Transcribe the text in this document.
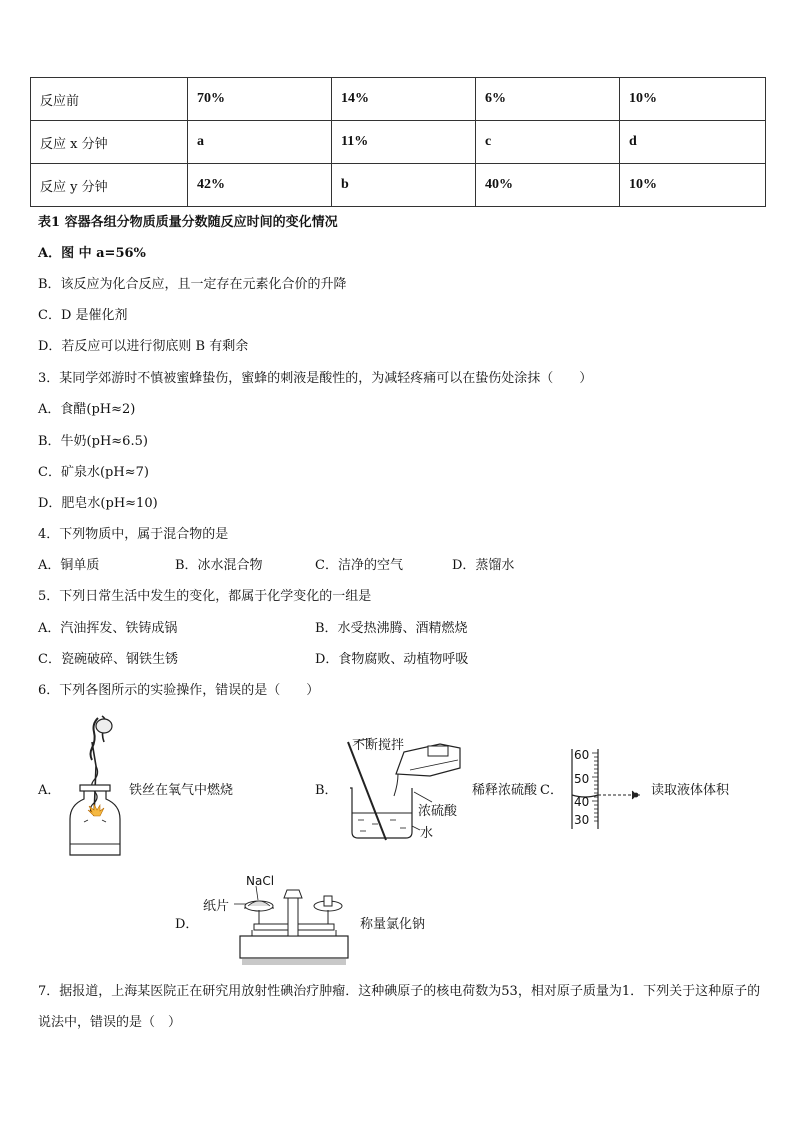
反应前	70%	14%	6%	10%
反应 x 分钟	a	11%	c	d
反应 y 分钟	42%	b	40%	10%
表1 容器各组分物质质量分数随反应时间的变化情况
A．图 中 a=56%
B．该反应为化合反应，且一定存在元素化合价的升降
C．D 是催化剂
D．若反应可以进行彻底则 B 有剩余
3．某同学郊游时不慎被蜜蜂蛰伤，蜜蜂的刺液是酸性的，为减轻疼痛可以在蛰伤处涂抹（　　）
A．食醋(pH≈2)
B．牛奶(pH≈6.5)
C．矿泉水(pH≈7)
D．肥皂水(pH≈10)
4．下列物质中，属于混合物的是
A．铜单质	B．冰水混合物	C．洁净的空气	D．蒸馏水
5．下列日常生活中发生的变化，都属于化学变化的一组是
A．汽油挥发、铁铸成锅	B．水受热沸腾、酒精燃烧
C．瓷碗破碎、钢铁生锈	D．食物腐败、动植物呼吸
6．下列各图所示的实验操作，错误的是（　　）
A．	铁丝在氧气中燃烧	B．
不断搅拌
浓硫酸
水
稀释浓硫酸 C．
60
50
40
30
读取液体体积
D．
NaCl
纸片
称量氯化钠
7．据报道，上海某医院正在研究用放射性碘治疗肿瘤．这种碘原子的核电荷数为53，相对原子质量为1．下列关于这种原子的说法中，错误的是（　）
